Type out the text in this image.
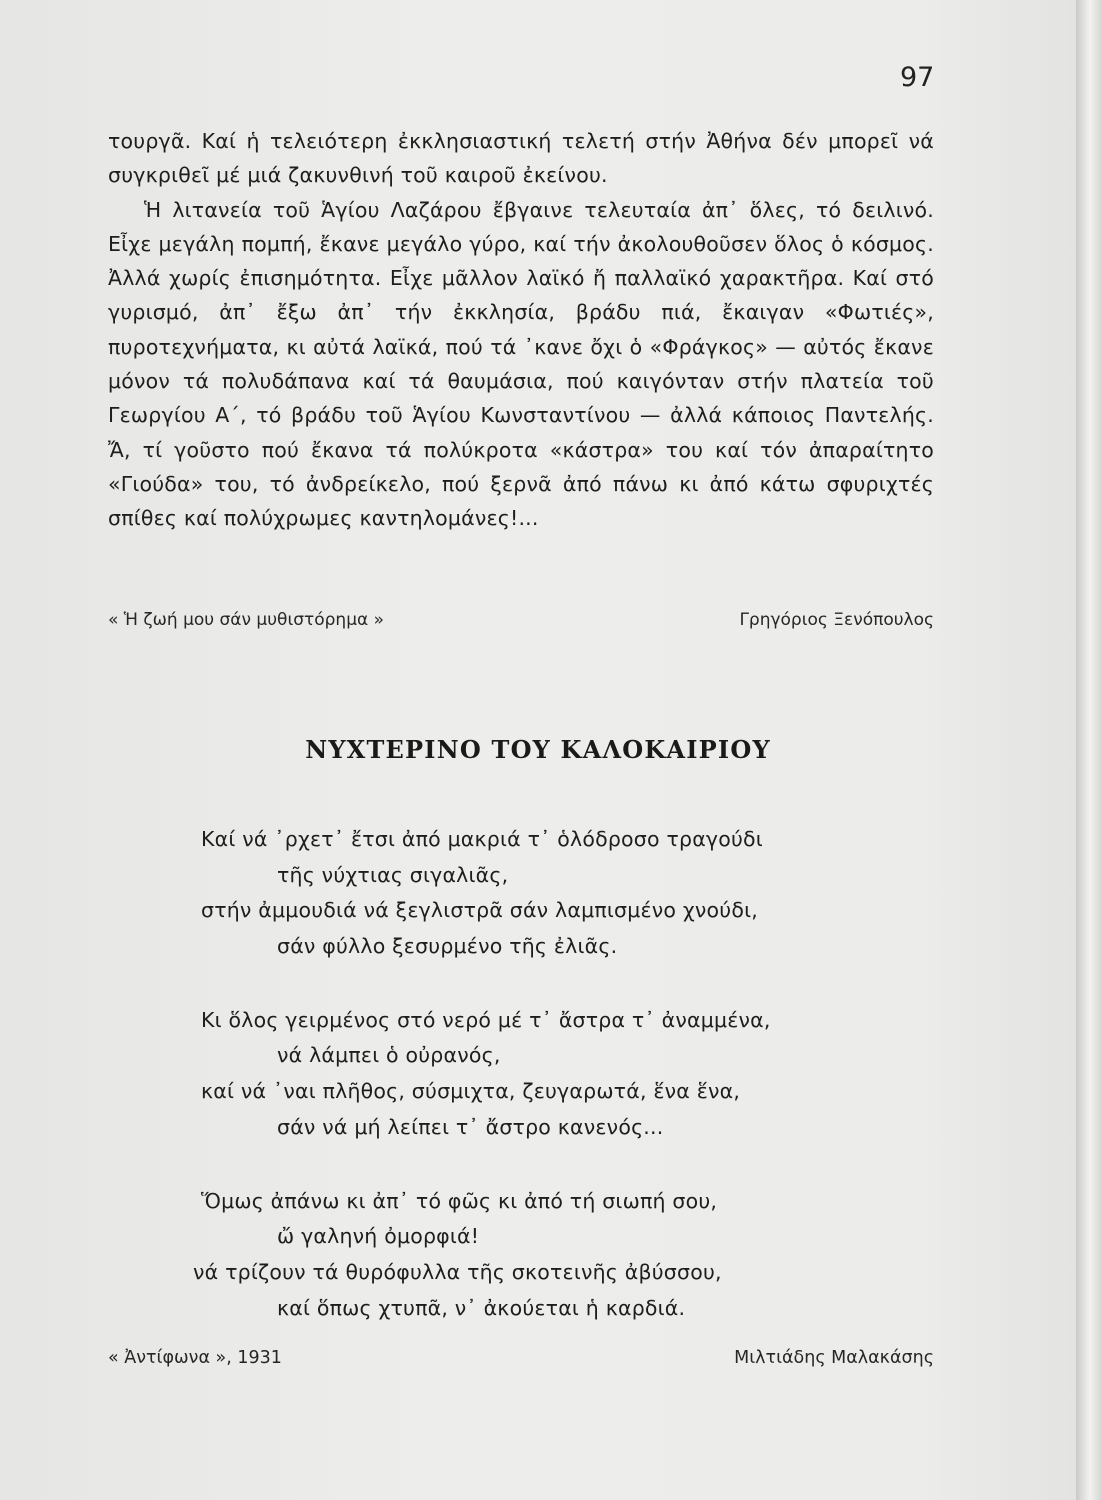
97

τουργᾶ. Καί ἡ τελειότερη ἐκκλησιαστική τελετή στήν Ἀθήνα δέν μπορεῖ νά συγκριθεῖ μέ μιά ζακυνθινή τοῦ καιροῦ ἐκείνου.

Ἡ λιτανεία τοῦ Ἁγίου Λαζάρου ἔβγαινε τελευταία ἀπ᾽ ὅλες, τό δειλινό. Εἶχε μεγάλη πομπή, ἔκανε μεγάλο γύρο, καί τήν ἀκολουθοῦσεν ὅλος ὁ κόσμος. Ἀλλά χωρίς ἐπισημότητα. Εἶχε μᾶλλον λαϊκό ἤ παλλαϊκό χαρακτῆρα. Καί στό γυρισμό, ἀπ᾽ ἔξω ἀπ᾽ τήν ἐκκλησία, βράδυ πιά, ἔκαιγαν «Φωτιές», πυροτεχνήματα, κι αὐτά λαϊκά, πού τά ᾽κανε ὄχι ὁ «Φράγκος» — αὐτός ἔκανε μόνον τά πολυδάπανα καί τά θαυμάσια, πού καιγόνταν στήν πλατεία τοῦ Γεωργίου Α΄, τό βράδυ τοῦ Ἁγίου Κωνσταντίνου — ἀλλά κάποιος Παντελής. Ἄ, τί γοῦστο πού ἔκανα τά πολύκροτα «κάστρα» του καί τόν ἀπαραίτητο «Γιούδα» του, τό ἀνδρείκελο, πού ξερνᾶ ἀπό πάνω κι ἀπό κάτω σφυριχτές σπίθες καί πολύχρωμες καντηλομάνες!...

« Ἡ ζωή μου σάν μυθιστόρημα »	Γρηγόριος Ξενόπουλος
ΝΥΧΤΕΡΙΝΟ ΤΟΥ ΚΑΛΟΚΑΙΡΙΟΥ
Καί νά ᾽ρχετ᾽ ἔτσι ἀπό μακριά τ᾽ ὁλόδροσο τραγούδι
τῆς νύχτιας σιγαλιᾶς,
στήν ἀμμουδιά νά ξεγλιστρᾶ σάν λαμπισμένο χνούδι,
σάν φύλλο ξεσυρμένο τῆς ἐλιᾶς.
Κι ὅλος γειρμένος στό νερό μέ τ᾽ ἄστρα τ᾽ ἀναμμένα,
νά λάμπει ὁ οὐρανός,
καί νά ᾽ναι πλῆθος, σύσμιχτα, ζευγαρωτά, ἕνα ἕνα,
σάν νά μή λείπει τ᾽ ἄστρο κανενός...
Ὅμως ἀπάνω κι ἀπ᾽ τό φῶς κι ἀπό τή σιωπή σου,
ὤ γαληνή ὀμορφιά!
νά τρίζουν τά θυρόφυλλα τῆς σκοτεινῆς ἀβύσσου,
καί ὅπως χτυπᾶ, ν᾽ ἀκούεται ἡ καρδιά.
« Ἀντίφωνα », 1931	Μιλτιάδης Μαλακάσης
